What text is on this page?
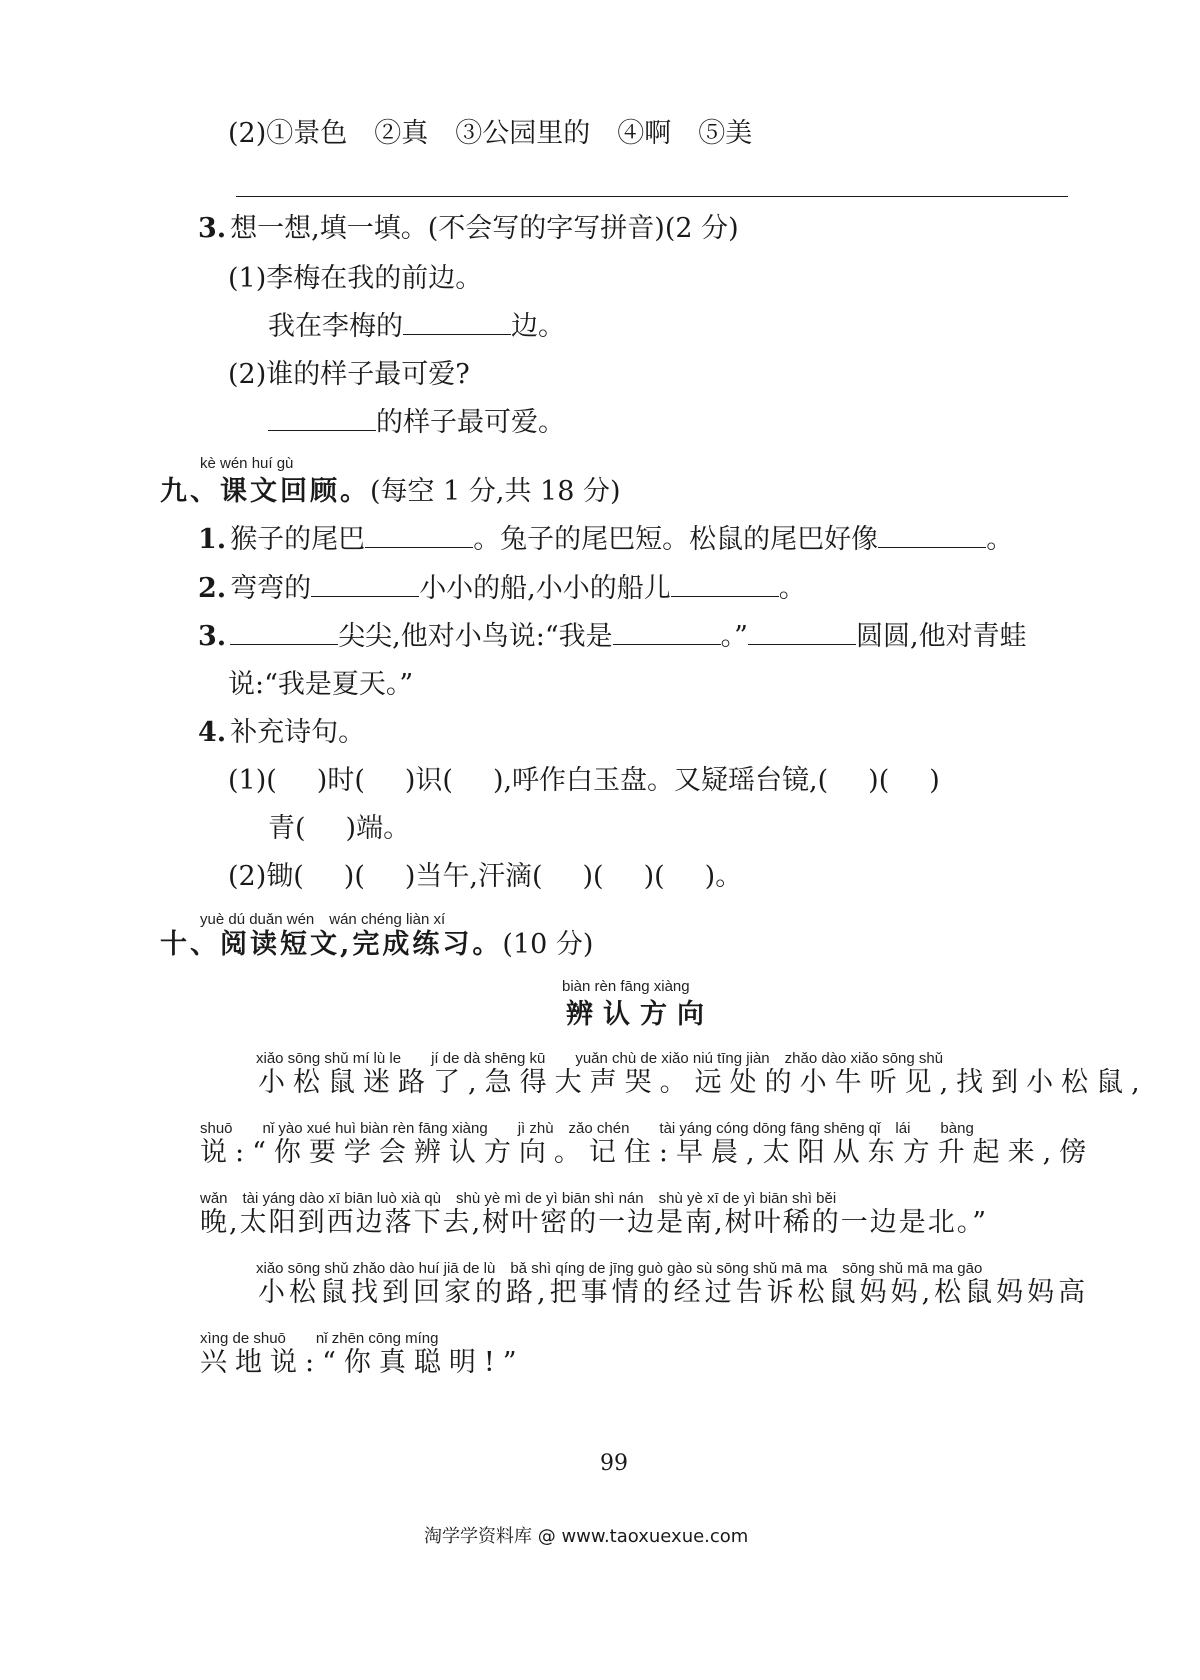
(2)①景色　②真　③公园里的　④啊　⑤美
3. 想一想,填一填。(不会写的字写拼音)(2 分)
(1)李梅在我的前边。
我在李梅的	边。
(2)谁的样子最可爱?
的样子最可爱。
kè wén huí gù
九、课文回顾。(每空 1 分,共 18 分)
1. 猴子的尾巴	。兔子的尾巴短。松鼠的尾巴好像	。
2. 弯弯的	小小的船,小小的船儿	。
3.	尖尖,他对小鸟说:“我是	。”	圆圆,他对青蛙
说:“我是夏天。”
4. 补充诗句。
(1)( )时( )识( ),呼作白玉盘。又疑瑶台镜,( )( )
青( )端。
(2)锄( )( )当午,汗滴( )( )( )。
yuè dú duǎn wén　wán chéng liàn xí
十、阅读短文,完成练习。(10 分)
biàn rèn fāng xiàng
辨认方向
xiǎo sōng shǔ mí lù le　　jí de dà shēng kū　　yuǎn chù de xiǎo niú tīng jiàn　zhǎo dào xiǎo sōng shǔ
小松鼠迷路了,急得大声哭。远处的小牛听见,找到小松鼠,
shuō　　nǐ yào xué huì biàn rèn fāng xiàng　　jì zhù　zǎo chén　　tài yáng cóng dōng fāng shēng qǐ　lái　　bàng
说:“你要学会辨认方向。记住:早晨,太阳从东方升起来,傍
wǎn　tài yáng dào xī biān luò xià qù　shù yè mì de yì biān shì nán　shù yè xī de yì biān shì běi
晚,太阳到西边落下去,树叶密的一边是南,树叶稀的一边是北。”
xiǎo sōng shǔ zhǎo dào huí jiā de lù　bǎ shì qíng de jīng guò gào sù sōng shǔ mā ma　sōng shǔ mā ma gāo
小松鼠找到回家的路,把事情的经过告诉松鼠妈妈,松鼠妈妈高
xìng de shuō　　nǐ zhēn cōng míng
兴地说:“你真聪明!”
99
淘学学资料库 @ www.taoxuexue.com
